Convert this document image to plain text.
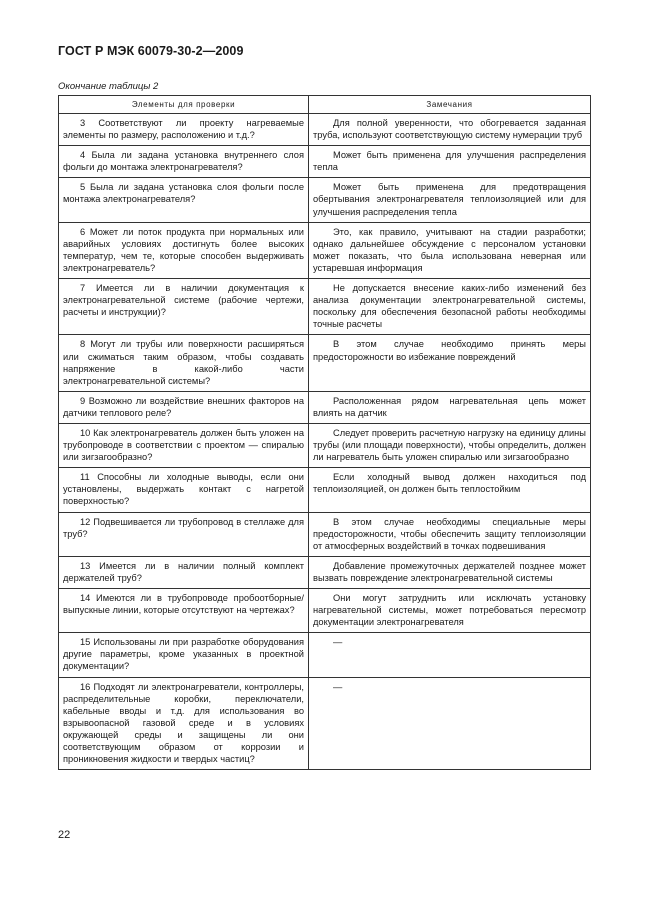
ГОСТ Р МЭК 60079-30-2—2009
Окончание таблицы 2
Элементы для проверки	Замечания
3 Соответствуют ли проекту нагреваемые элементы по размеру, расположению и т.д.?	Для полной уверенности, что обогревается заданная труба, используют соответствующую систему нумерации труб
4 Была ли задана установка внутреннего слоя фольги до монтажа электронагревателя?	Может быть применена для улучшения распределения тепла
5 Была ли задана установка слоя фольги после монтажа электронагревателя?	Может быть применена для предотвращения обертывания электронагревателя теплоизоляцией или для улучшения распределения тепла
6 Может ли поток продукта при нормальных или аварийных условиях достигнуть более высоких температур, чем те, которые способен выдерживать электронагреватель?	Это, как правило, учитывают на стадии разработки; однако дальнейшее обсуждение с персоналом установки может показать, что была использована неверная или устаревшая информация
7 Имеется ли в наличии документация к электронагревательной системе (рабочие чертежи, расчеты и инструкции)?	Не допускается внесение каких-либо изменений без анализа документации электронагревательной системы, поскольку для обеспечения безопасной работы необходимы точные расчеты
8 Могут ли трубы или поверхности расширяться или сжиматься таким образом, чтобы создавать напряжение в какой-либо части электронагревательной системы?	В этом случае необходимо принять меры предосторожности во избежание повреждений
9 Возможно ли воздействие внешних факторов на датчики теплового реле?	Расположенная рядом нагревательная цепь может влиять на датчик
10 Как электронагреватель должен быть уложен на трубопроводе в соответствии с проектом — спиралью или зигзагообразно?	Следует проверить расчетную нагрузку на единицу длины трубы (или площади поверхности), чтобы определить, должен ли нагреватель быть уложен спиралью или зигзагообразно
11 Способны ли холодные выводы, если они установлены, выдержать контакт с нагретой поверхностью?	Если холодный вывод должен находиться под теплоизоляцией, он должен быть теплостойким
12 Подвешивается ли трубопровод в стеллаже для труб?	В этом случае необходимы специальные меры предосторожности, чтобы обеспечить защиту теплоизоляции от атмосферных воздействий в точках подвешивания
13 Имеется ли в наличии полный комплект держателей труб?	Добавление промежуточных держателей позднее может вызвать повреждение электронагревательной системы
14 Имеются ли в трубопроводе пробоотборные/выпускные линии, которые отсутствуют на чертежах?	Они могут затруднить или исключать установку нагревательной системы, может потребоваться пересмотр документации электронагревателя
15 Использованы ли при разработке оборудования другие параметры, кроме указанных в проектной документации?	—
16 Подходят ли электронагреватели, контроллеры, распределительные коробки, переключатели, кабельные вводы и т.д. для использования во взрывоопасной газовой среде и в условиях окружающей среды и защищены ли они соответствующим образом от коррозии и проникновения жидкости и твердых частиц?	—
22
